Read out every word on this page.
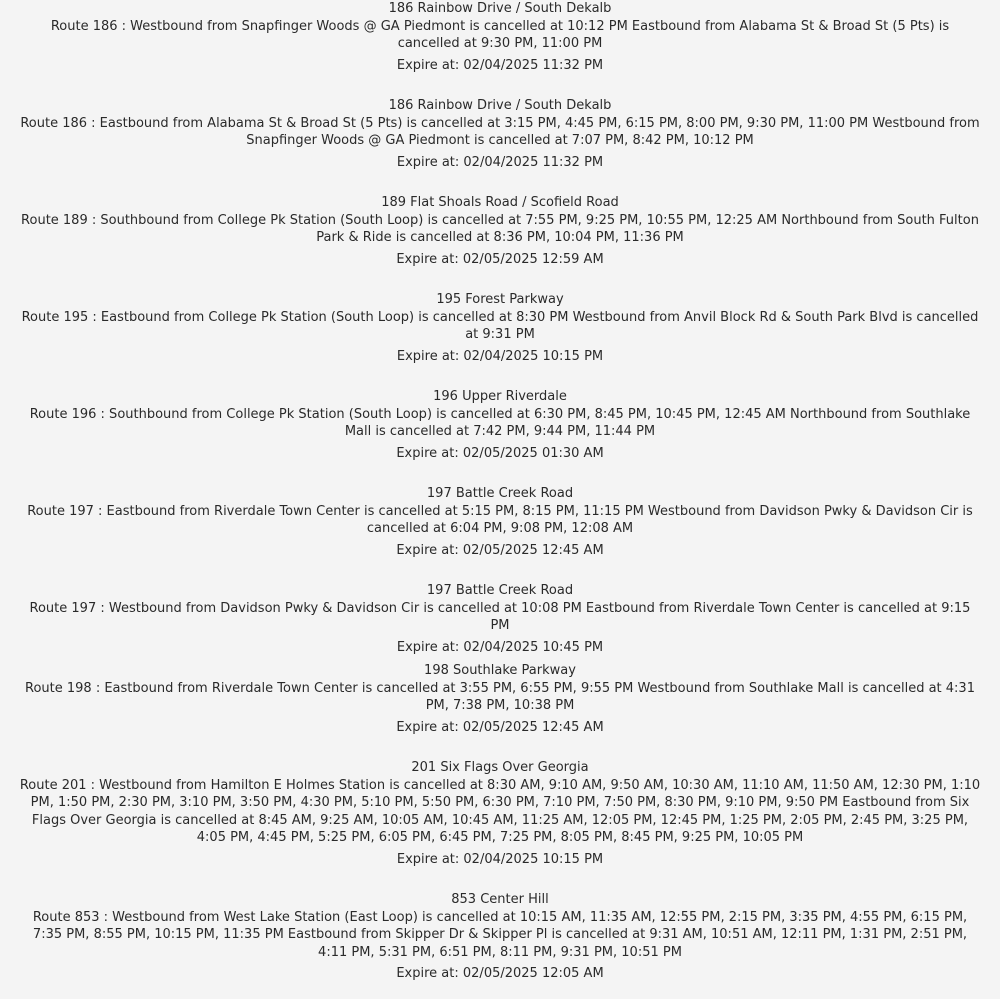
186 Rainbow Drive / South Dekalb
Route 186 : Westbound from Snapfinger Woods @ GA Piedmont is cancelled at 10:12 PM Eastbound from Alabama St & Broad St (5 Pts) is cancelled at 9:30 PM, 11:00 PM
Expire at: 02/04/2025 11:32 PM
186 Rainbow Drive / South Dekalb
Route 186 : Eastbound from Alabama St & Broad St (5 Pts) is cancelled at 3:15 PM, 4:45 PM, 6:15 PM, 8:00 PM, 9:30 PM, 11:00 PM Westbound from Snapfinger Woods @ GA Piedmont is cancelled at 7:07 PM, 8:42 PM, 10:12 PM
Expire at: 02/04/2025 11:32 PM
189 Flat Shoals Road / Scofield Road
Route 189 : Southbound from College Pk Station (South Loop) is cancelled at 7:55 PM, 9:25 PM, 10:55 PM, 12:25 AM Northbound from South Fulton Park & Ride is cancelled at 8:36 PM, 10:04 PM, 11:36 PM
Expire at: 02/05/2025 12:59 AM
195 Forest Parkway
Route 195 : Eastbound from College Pk Station (South Loop) is cancelled at 8:30 PM Westbound from Anvil Block Rd & South Park Blvd is cancelled at 9:31 PM
Expire at: 02/04/2025 10:15 PM
196 Upper Riverdale
Route 196 : Southbound from College Pk Station (South Loop) is cancelled at 6:30 PM, 8:45 PM, 10:45 PM, 12:45 AM Northbound from Southlake Mall is cancelled at 7:42 PM, 9:44 PM, 11:44 PM
Expire at: 02/05/2025 01:30 AM
197 Battle Creek Road
Route 197 : Eastbound from Riverdale Town Center is cancelled at 5:15 PM, 8:15 PM, 11:15 PM Westbound from Davidson Pwky & Davidson Cir is cancelled at 6:04 PM, 9:08 PM, 12:08 AM
Expire at: 02/05/2025 12:45 AM
197 Battle Creek Road
Route 197 : Westbound from Davidson Pwky & Davidson Cir is cancelled at 10:08 PM Eastbound from Riverdale Town Center is cancelled at 9:15 PM
Expire at: 02/04/2025 10:45 PM
198 Southlake Parkway
Route 198 : Eastbound from Riverdale Town Center is cancelled at 3:55 PM, 6:55 PM, 9:55 PM Westbound from Southlake Mall is cancelled at 4:31 PM, 7:38 PM, 10:38 PM
Expire at: 02/05/2025 12:45 AM
201 Six Flags Over Georgia
Route 201 : Westbound from Hamilton E Holmes Station is cancelled at 8:30 AM, 9:10 AM, 9:50 AM, 10:30 AM, 11:10 AM, 11:50 AM, 12:30 PM, 1:10 PM, 1:50 PM, 2:30 PM, 3:10 PM, 3:50 PM, 4:30 PM, 5:10 PM, 5:50 PM, 6:30 PM, 7:10 PM, 7:50 PM, 8:30 PM, 9:10 PM, 9:50 PM Eastbound from Six Flags Over Georgia is cancelled at 8:45 AM, 9:25 AM, 10:05 AM, 10:45 AM, 11:25 AM, 12:05 PM, 12:45 PM, 1:25 PM, 2:05 PM, 2:45 PM, 3:25 PM, 4:05 PM, 4:45 PM, 5:25 PM, 6:05 PM, 6:45 PM, 7:25 PM, 8:05 PM, 8:45 PM, 9:25 PM, 10:05 PM
Expire at: 02/04/2025 10:15 PM
853 Center Hill
Route 853 : Westbound from West Lake Station (East Loop) is cancelled at 10:15 AM, 11:35 AM, 12:55 PM, 2:15 PM, 3:35 PM, 4:55 PM, 6:15 PM, 7:35 PM, 8:55 PM, 10:15 PM, 11:35 PM Eastbound from Skipper Dr & Skipper Pl is cancelled at 9:31 AM, 10:51 AM, 12:11 PM, 1:31 PM, 2:51 PM, 4:11 PM, 5:31 PM, 6:51 PM, 8:11 PM, 9:31 PM, 10:51 PM
Expire at: 02/05/2025 12:05 AM
